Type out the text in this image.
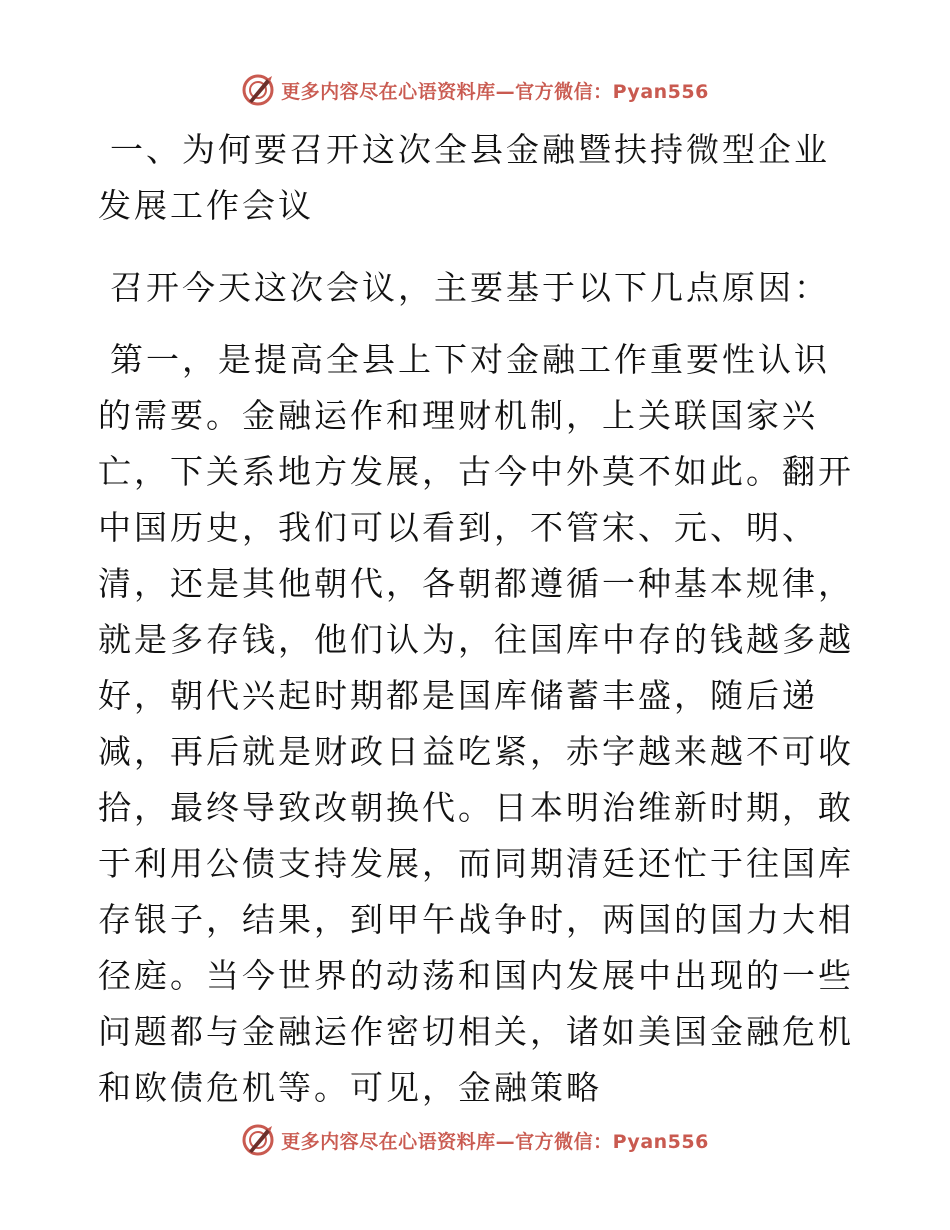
更多内容尽在心语资料库—官方微信：Pyan556

一、为何要召开这次全县金融暨扶持微型企业发展工作会议

召开今天这次会议，主要基于以下几点原因：

第一，是提高全县上下对金融工作重要性认识的需要。金融运作和理财机制，上关联国家兴亡，下关系地方发展，古今中外莫不如此。翻开中国历史，我们可以看到，不管宋、元、明、清，还是其他朝代，各朝都遵循一种基本规律，就是多存钱，他们认为，往国库中存的钱越多越好，朝代兴起时期都是国库储蓄丰盛，随后递减，再后就是财政日益吃紧，赤字越来越不可收拾，最终导致改朝换代。日本明治维新时期，敢于利用公债支持发展，而同期清廷还忙于往国库存银子，结果，到甲午战争时，两国的国力大相径庭。当今世界的动荡和国内发展中出现的一些问题都与金融运作密切相关，诸如美国金融危机和欧债危机等。可见，金融策略

更多内容尽在心语资料库—官方微信：Pyan556
